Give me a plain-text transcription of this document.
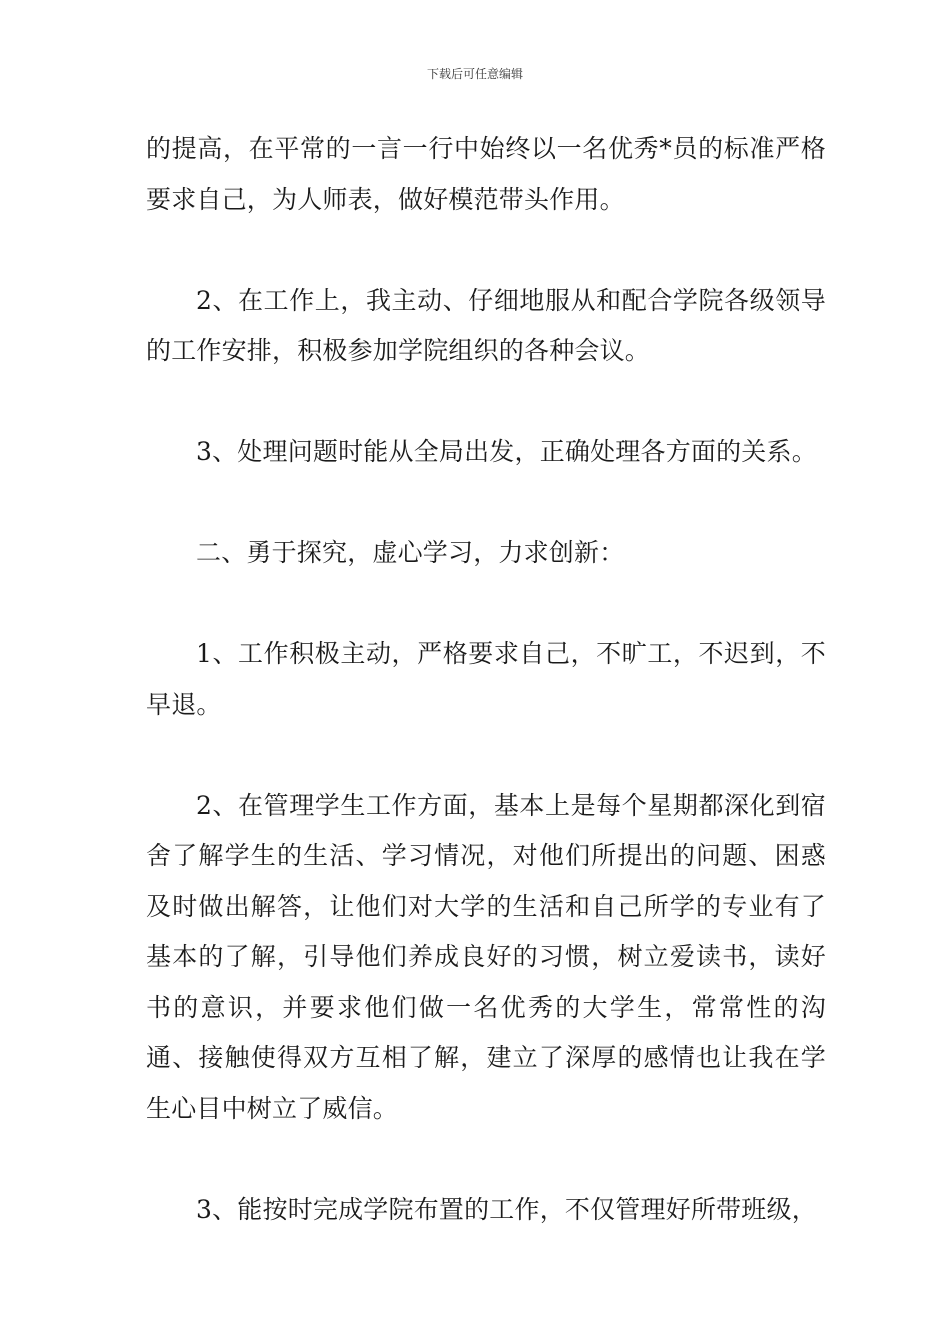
下载后可任意编辑

的提高，在平常的一言一行中始终以一名优秀*员的标准严格要求自己，为人师表，做好模范带头作用。

2、在工作上，我主动、仔细地服从和配合学院各级领导的工作安排，积极参加学院组织的各种会议。

3、处理问题时能从全局出发，正确处理各方面的关系。

二、勇于探究，虚心学习，力求创新：

1、工作积极主动，严格要求自己，不旷工，不迟到，不早退。

2、在管理学生工作方面，基本上是每个星期都深化到宿舍了解学生的生活、学习情况，对他们所提出的问题、困惑及时做出解答，让他们对大学的生活和自己所学的专业有了基本的了解，引导他们养成良好的习惯，树立爱读书，读好书的意识，并要求他们做一名优秀的大学生，常常性的沟通、接触使得双方互相了解，建立了深厚的感情也让我在学生心目中树立了威信。

3、能按时完成学院布置的工作，不仅管理好所带班级，
